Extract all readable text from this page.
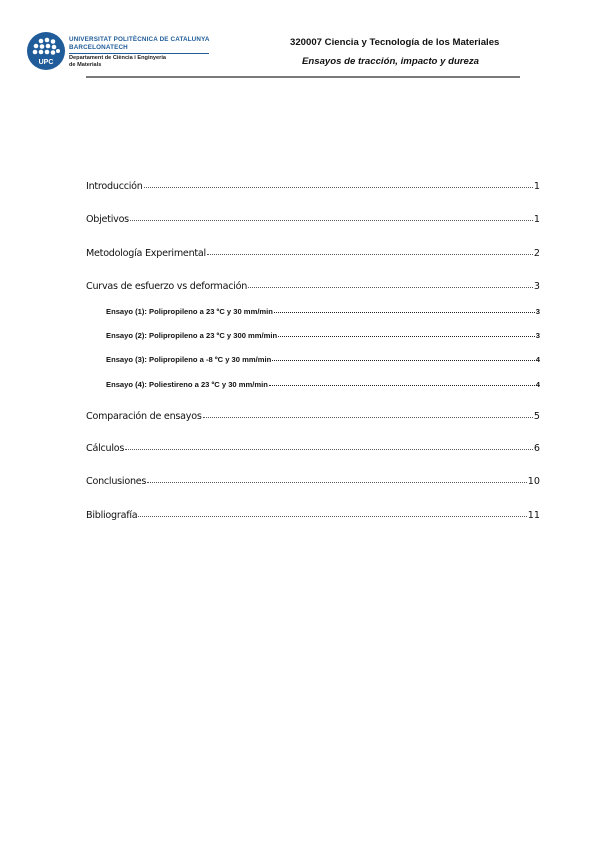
UPC
UNIVERSITAT POLITÈCNICA DE CATALUNYA
BARCELONATECH
Departament de Ciència i Enginyeria
de Materials
320007 Ciencia y Tecnología de los Materiales
Ensayos de tracción, impacto y dureza
Introducción	1
Objetivos	1
Metodología Experimental	2
Curvas de esfuerzo vs deformación	3
Ensayo (1): Polipropileno a 23 ºC y 30 mm/min	3
Ensayo (2): Polipropileno a 23 ºC y 300 mm/min	3
Ensayo (3): Polipropileno a -8 ºC y 30 mm/min	4
Ensayo (4): Poliestireno a 23 ºC y 30 mm/min	4
Comparación de ensayos	5
Cálculos	6
Conclusiones	10
Bibliografía	11
